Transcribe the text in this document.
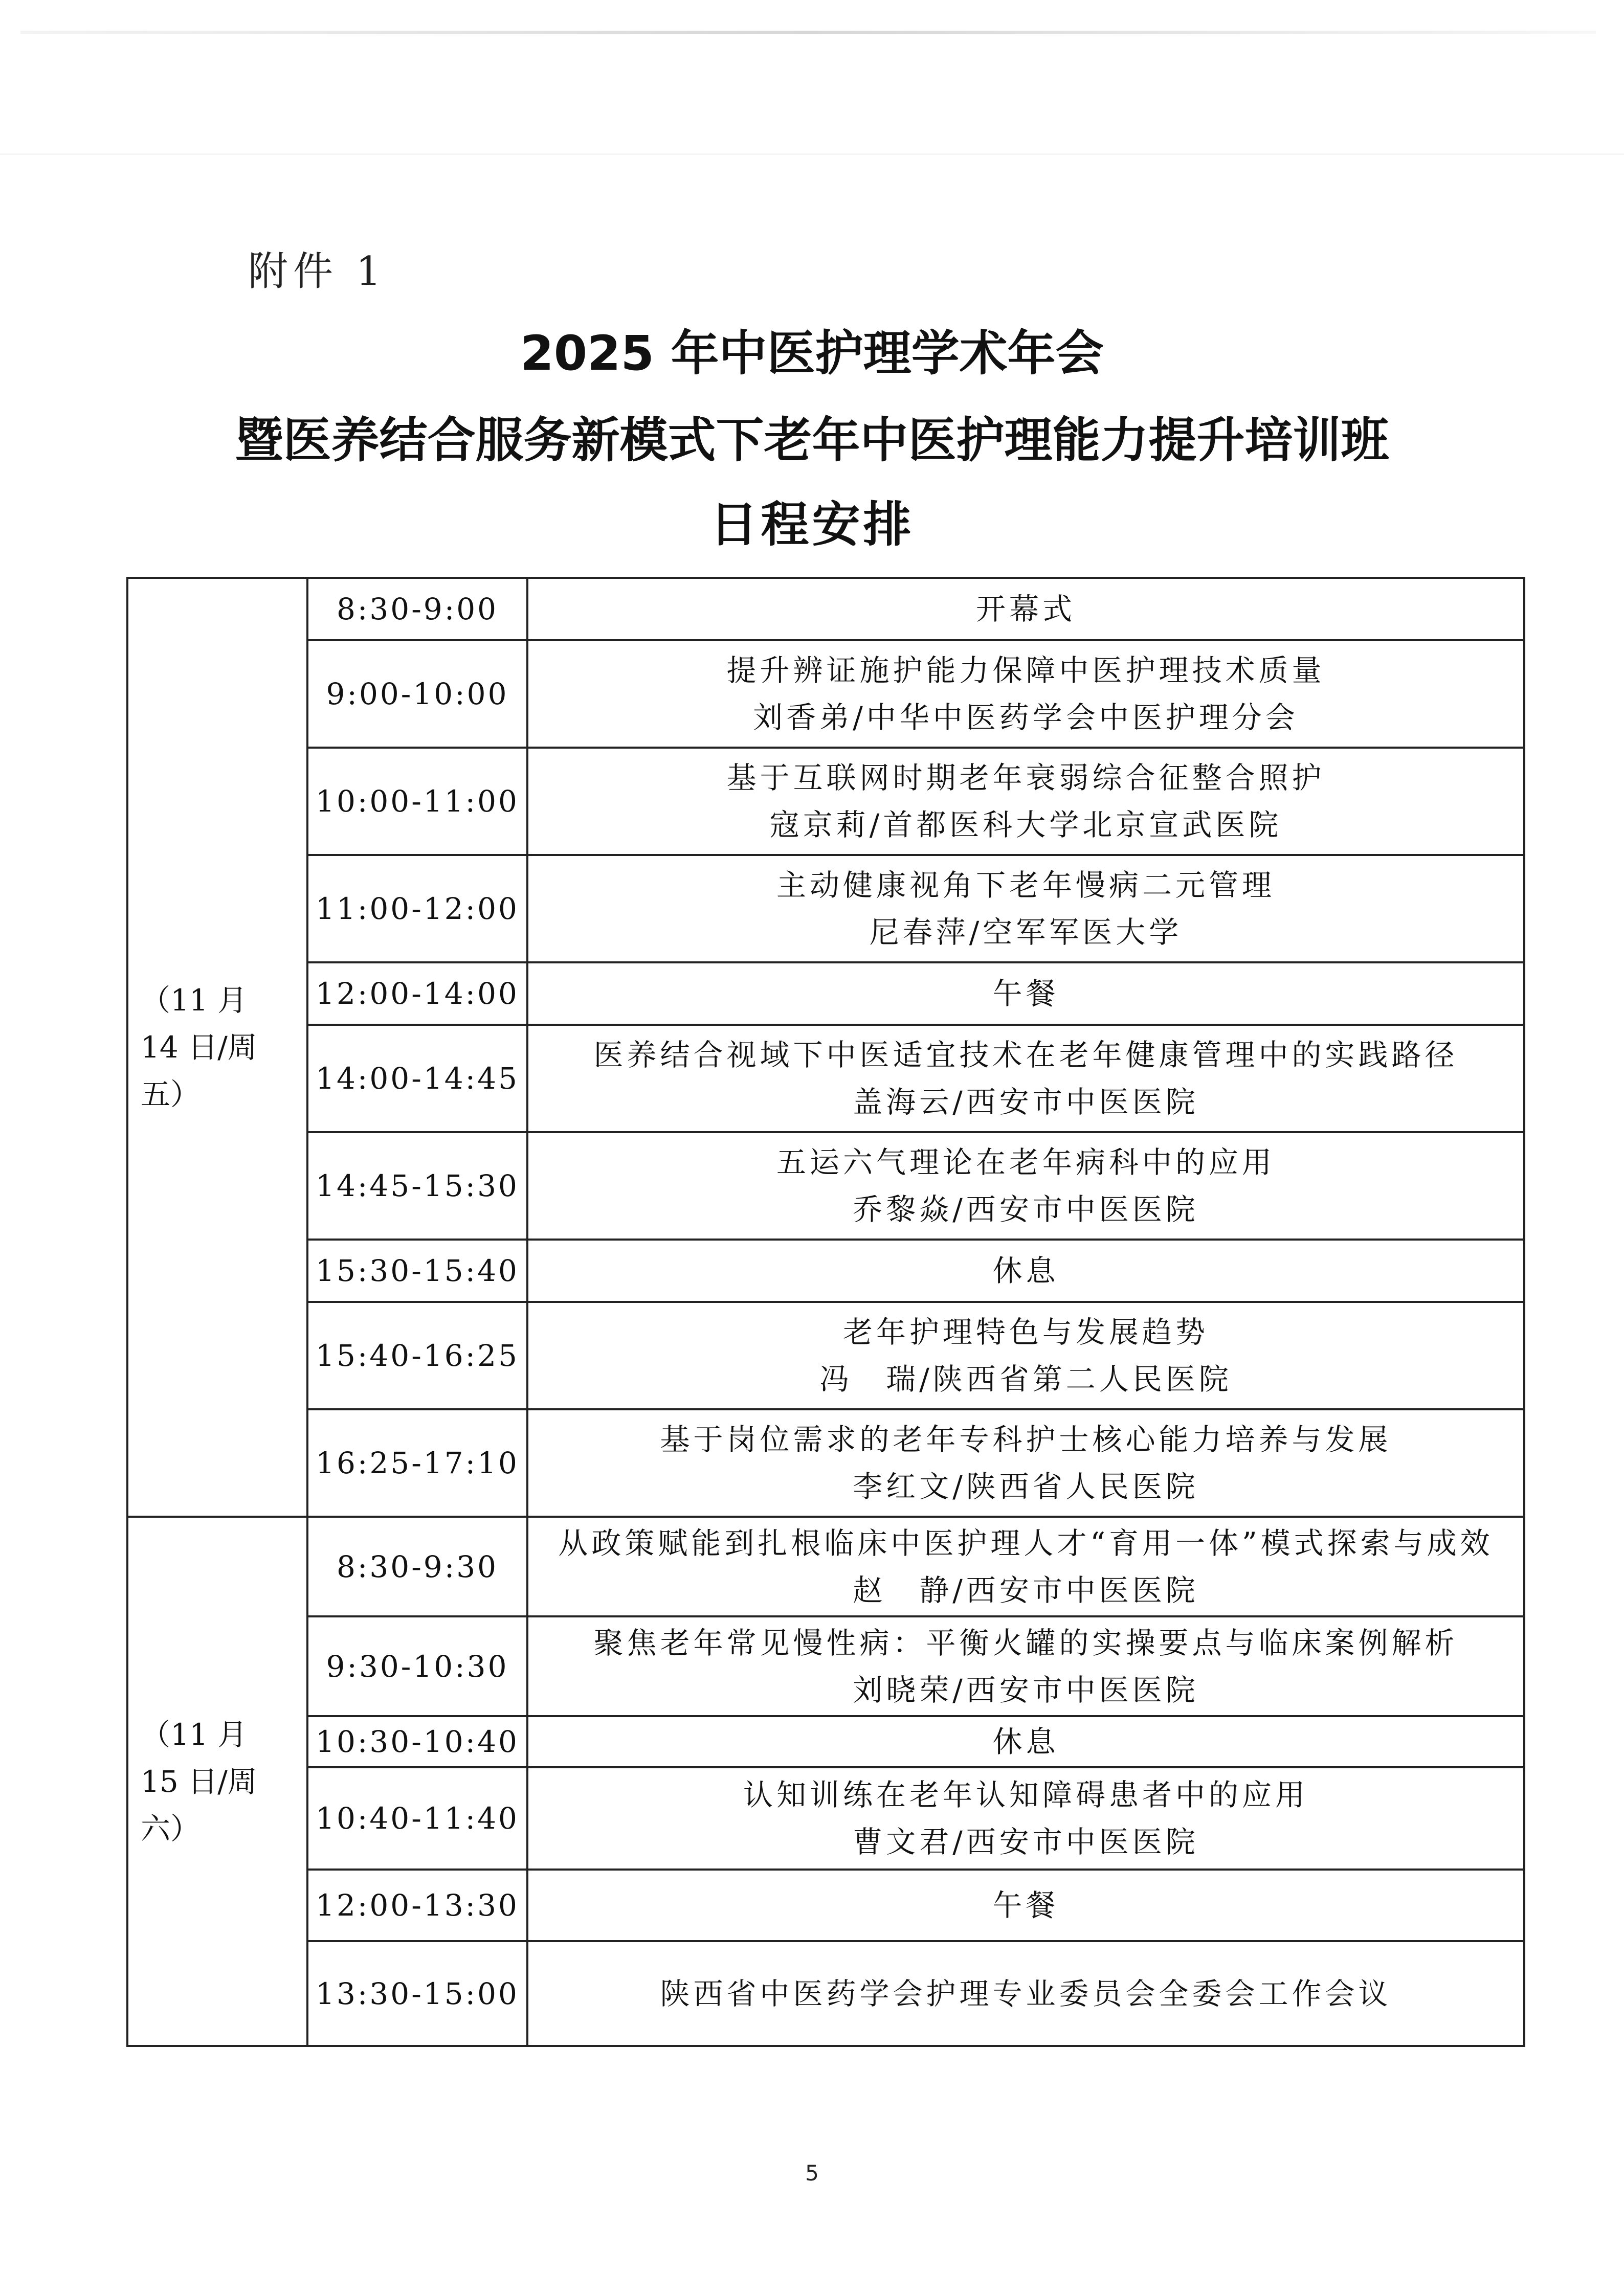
附件 1
2025 年中医护理学术年会
暨医养结合服务新模式下老年中医护理能力提升培训班
日程安排
（11 月 14 日/周五）	8:30-9:00	开幕式

	9:00-10:00	提升辨证施护能力保障中医护理技术质量
刘香弟/中华中医药学会中医护理分会

	10:00-11:00	基于互联网时期老年衰弱综合征整合照护
寇京莉/首都医科大学北京宣武医院

	11:00-12:00	主动健康视角下老年慢病二元管理
尼春萍/空军军医大学

	12:00-14:00	午餐

	14:00-14:45	医养结合视域下中医适宜技术在老年健康管理中的实践路径
盖海云/西安市中医医院

	14:45-15:30	五运六气理论在老年病科中的应用
乔黎焱/西安市中医医院

	15:30-15:40	休息

	15:40-16:25	老年护理特色与发展趋势
冯　瑞/陕西省第二人民医院

	16:25-17:10	基于岗位需求的老年专科护士核心能力培养与发展
李红文/陕西省人民医院

（11 月 15 日/周六）	8:30-9:30	从政策赋能到扎根临床中医护理人才“育用一体”模式探索与成效
赵　静/西安市中医医院

	9:30-10:30	聚焦老年常见慢性病：平衡火罐的实操要点与临床案例解析
刘晓荣/西安市中医医院

	10:30-10:40	休息

	10:40-11:40	认知训练在老年认知障碍患者中的应用
曹文君/西安市中医医院

	12:00-13:30	午餐

	13:30-15:00	陕西省中医药学会护理专业委员会全委会工作会议
5
